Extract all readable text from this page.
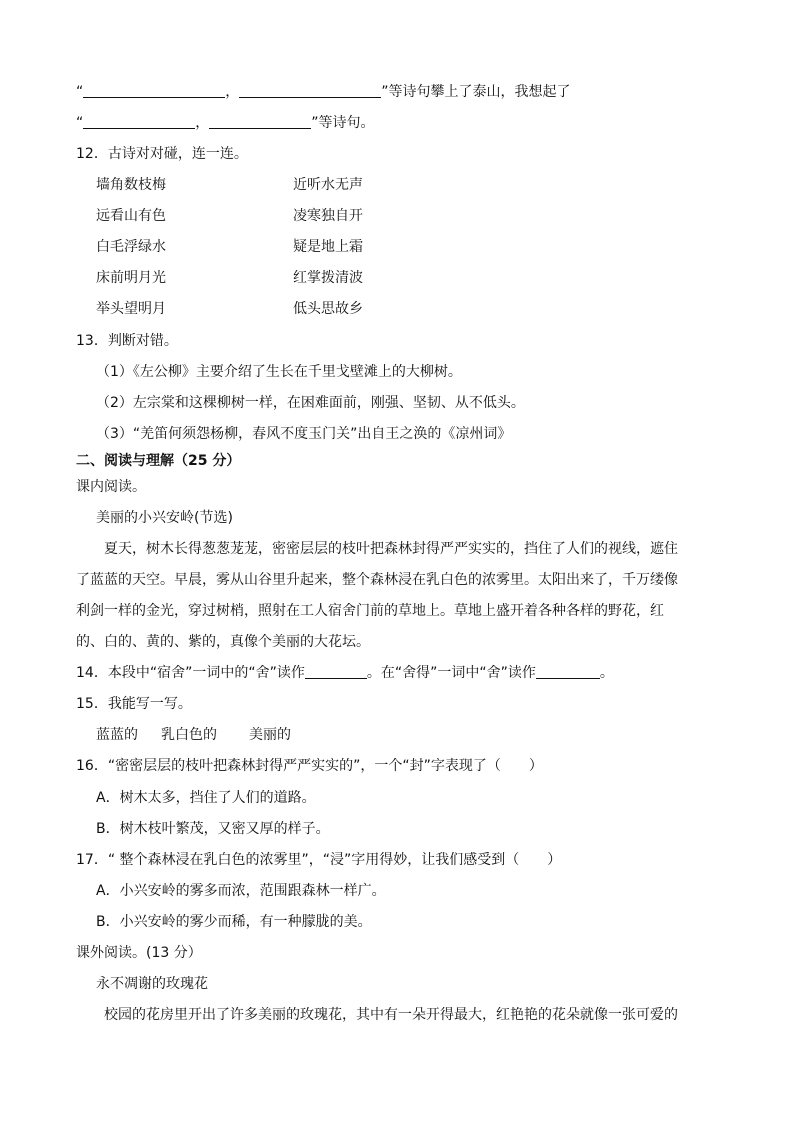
“	，	”等诗句攀上了泰山，我想起了
“	，	”等诗句。
12．古诗对对碰，连一连。
墙角数枝梅	近听水无声
远看山有色	凌寒独自开
白毛浮绿水	疑是地上霜
床前明月光	红掌拨清波
举头望明月	低头思故乡
13．判断对错。
（1）《左公柳》主要介绍了生长在千里戈壁滩上的大柳树。
（2）左宗棠和这棵柳树一样，在困难面前，刚强、坚韧、从不低头。
（3）“羌笛何须怨杨柳，春风不度玉门关”出自王之涣的《凉州词》
二、阅读与理解（25 分）
课内阅读。
美丽的小兴安岭(节选)
夏天，树木长得葱葱茏茏，密密层层的枝叶把森林封得严严实实的，挡住了人们的视线，遮住
了蓝蓝的天空。早晨，雾从山谷里升起来，整个森林浸在乳白色的浓雾里。太阳出来了，千万缕像
利剑一样的金光，穿过树梢，照射在工人宿舍门前的草地上。草地上盛开着各种各样的野花，红
的、白的、黄的、紫的，真像个美丽的大花坛。
14．本段中“宿舍”一词中的“舍”读作	。在“舍得”一词中“舍”读作	。
15．我能写一写。
蓝蓝的 乳白色的 美丽的
16．“密密层层的枝叶把森林封得严严实实的”，一个“封”字表现了（　　）
A．树木太多，挡住了人们的道路。
B．树木枝叶繁茂，又密又厚的样子。
17．“ 整个森林浸在乳白色的浓雾里”，“浸”字用得妙，让我们感受到（　　）
A．小兴安岭的雾多而浓，范围跟森林一样广。
B．小兴安岭的雾少而稀，有一种朦胧的美。
课外阅读。(13 分）
永不凋谢的玫瑰花
校园的花房里开出了许多美丽的玫瑰花，其中有一朵开得最大，红艳艳的花朵就像一张可爱的
